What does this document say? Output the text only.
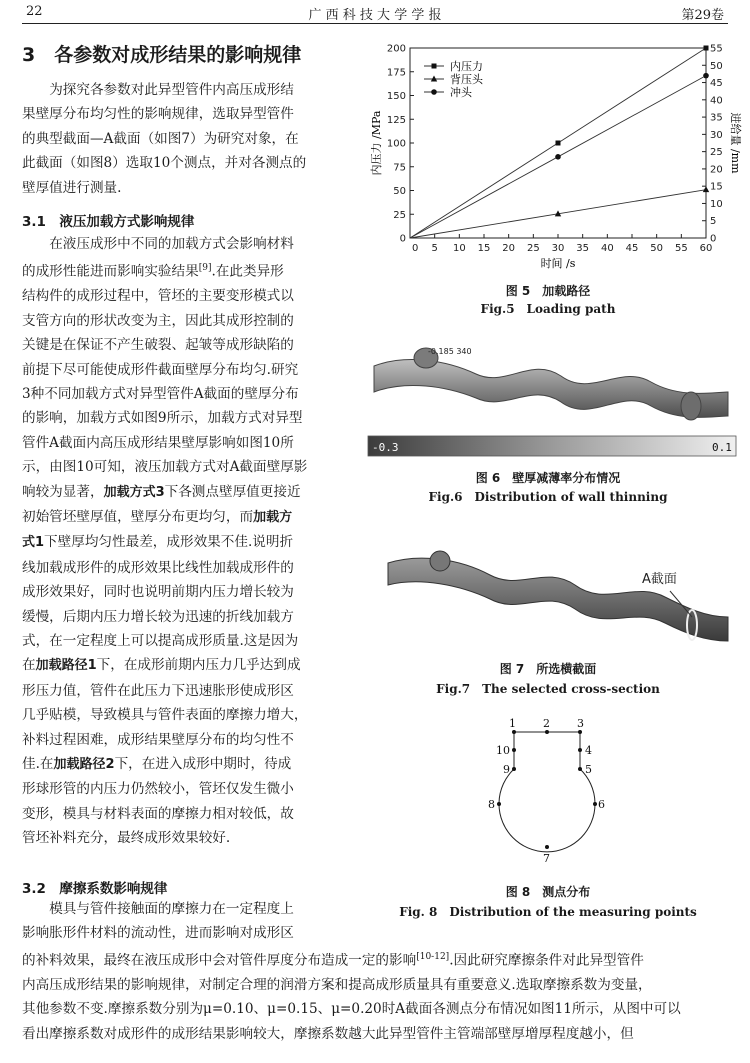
22	广 西 科 技 大 学 学 报	第29卷
3　各参数对成形结果的影响规律

为探究各参数对此异型管件内高压成形结

果壁厚分布均匀性的影响规律，选取异型管件

的典型截面—A截面（如图7）为研究对象，在

此截面（如图8）选取10个测点，并对各测点的

壁厚值进行测量.

3.1　液压加载方式影响规律

在液压成形中不同的加载方式会影响材料

的成形性能进而影响实验结果[9].在此类异形

结构件的成形过程中，管坯的主要变形模式以

支管方向的形状改变为主，因此其成形控制的

关键是在保证不产生破裂、起皱等成形缺陷的

前提下尽可能使成形件截面壁厚分布均匀.研究

3种不同加载方式对异型管件A截面的壁厚分布

的影响，加载方式如图9所示，加载方式对异型

管件A截面内高压成形结果壁厚影响如图10所

示，由图10可知，液压加载方式对A截面壁厚影

响较为显著，加载方式3下各测点壁厚值更接近

初始管坯壁厚值，壁厚分布更均匀，而加载方

式1下壁厚均匀性最差，成形效果不佳.说明折

线加载成形件的成形效果比线性加载成形件的

成形效果好，同时也说明前期内压力增长较为

缓慢，后期内压力增长较为迅速的折线加载方

式，在一定程度上可以提高成形质量.这是因为

在加载路径1下，在成形前期内压力几乎达到成

形压力值，管件在此压力下迅速胀形使成形区

几乎贴模，导致模具与管件表面的摩擦力增大，

补料过程困难，成形结果壁厚分布的均匀性不

佳.在加载路径2下，在进入成形中期时，待成

形球形管的内压力仍然较小，管坯仅发生微小

变形，模具与材料表面的摩擦力相对较低，故

管坯补料充分，最终成形效果较好.

3.2　摩擦系数影响规律

模具与管件接触面的摩擦力在一定程度上

影响胀形件材料的流动性，进而影响对成形区

的补料效果，最终在液压成形中会对管件厚度分布造成一定的影响[10-12].因此研究摩擦条件对此异型管件

内高压成形结果的影响规律，对制定合理的润滑方案和提高成形质量具有重要意义.选取摩擦系数为变量，

其他参数不变.摩擦系数分别为μ=0.10、μ=0.15、μ=0.20时A截面各测点分布情况如图11所示，从图中可以

看出摩擦系数对成形件的成形结果影响较大，摩擦系数越大此异型管件主管端部壁厚增厚程度越小，但

0
25
50
75
100
125
150
175
200
0
5
10
15
20
25
30
35
40
45
50
55
0 5 10 15 20 25 30 35 40 45 50 55 60
时间 /s
内压力 /MPa	进给量 /mm
内压力
背压头
冲头
图 5　加载路径
Fig.5　Loading path
-0.185 340
-0.3	0.1
图 6　壁厚减薄率分布情况
Fig.6　Distribution of wall thinning
A截面
图 7　所选横截面
Fig.7　The selected cross-section
1 2 3
4
5
6
7
8
9
10
图 8　测点分布
Fig. 8　Distribution of the measuring points
